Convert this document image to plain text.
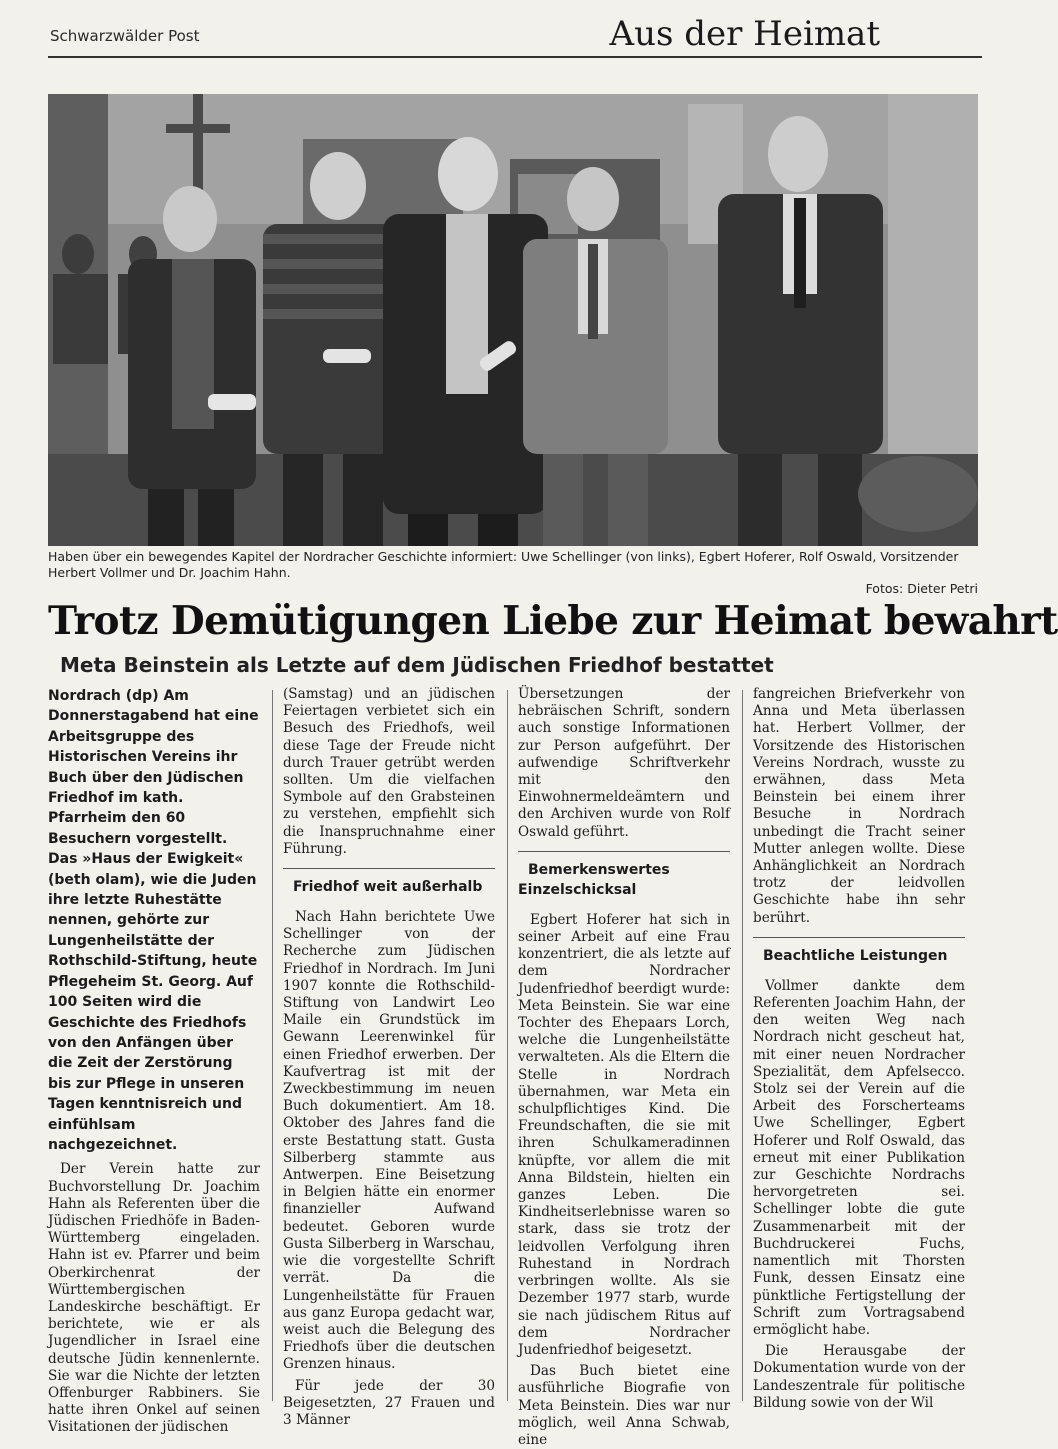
Schwarzwälder Post	Aus der Heimat
Haben über ein bewegendes Kapitel der Nordracher Geschichte informiert: Uwe Schellinger (von links), Egbert Hoferer, Rolf Oswald, Vorsitzender Herbert Vollmer und Dr. Joachim Hahn.
Fotos: Dieter Petri
Trotz Demütigungen Liebe zur Heimat bewahrt
Meta Beinstein als Letzte auf dem Jüdischen Friedhof bestattet

Nordrach (dp) Am Donnerstagabend hat eine Arbeitsgruppe des Historischen Vereins ihr Buch über den Jüdischen Friedhof im kath. Pfarrheim den 60 Besuchern vorgestellt. Das »Haus der Ewigkeit« (beth olam), wie die Juden ihre letzte Ruhestätte nennen, gehörte zur Lungenheilstätte der Rothschild-Stiftung, heute Pflegeheim St. Georg. Auf 100 Seiten wird die Geschichte des Friedhofs von den Anfängen über die Zeit der Zerstörung bis zur Pflege in unseren Tagen kenntnisreich und einfühlsam nachgezeichnet.

Der Verein hatte zur Buchvorstellung Dr. Joachim Hahn als Referenten über die Jüdischen Friedhöfe in Baden-Württemberg eingeladen. Hahn ist ev. Pfarrer und beim Oberkirchenrat der Württembergischen Landeskirche beschäftigt. Er berichtete, wie er als Jugendlicher in Israel eine deutsche Jüdin kennenlernte. Sie war die Nichte der letzten Offenburger Rabbiners. Sie hatte ihren Onkel auf seinen Visitationen der jüdischen

(Samstag) und an jüdischen Feiertagen verbietet sich ein Besuch des Friedhofs, weil diese Tage der Freude nicht durch Trauer getrübt werden sollten. Um die vielfachen Symbole auf den Grabsteinen zu verstehen, empfiehlt sich die Inanspruchnahme einer Führung.

Friedhof weit außerhalb

Nach Hahn berichtete Uwe Schellinger von der Recherche zum Jüdischen Friedhof in Nordrach. Im Juni 1907 konnte die Rothschild-Stiftung von Landwirt Leo Maile ein Grundstück im Gewann Leerenwinkel für einen Friedhof erwerben. Der Kaufvertrag ist mit der Zweckbestimmung im neuen Buch dokumentiert. Am 18. Oktober des Jahres fand die erste Bestattung statt. Gusta Silberberg stammte aus Antwerpen. Eine Beisetzung in Belgien hätte ein enormer finanzieller Aufwand bedeutet. Geboren wurde Gusta Silberberg in Warschau, wie die vorgestellte Schrift verrät. Da die Lungenheilstätte für Frauen aus ganz Europa gedacht war, weist auch die Belegung des Friedhofs über die deutschen Grenzen hinaus.

Für jede der 30 Beigesetzten, 27 Frauen und 3 Männer

Übersetzungen der hebräischen Schrift, sondern auch sonstige Informationen zur Person aufgeführt. Der aufwendige Schriftverkehr mit den Einwohnermeldeämtern und den Archiven wurde von Rolf Oswald geführt.

Bemerkenswertes Einzelschicksal

Egbert Hoferer hat sich in seiner Arbeit auf eine Frau konzentriert, die als letzte auf dem Nordracher Judenfriedhof beerdigt wurde: Meta Beinstein. Sie war eine Tochter des Ehepaars Lorch, welche die Lungenheilstätte verwalteten. Als die Eltern die Stelle in Nordrach übernahmen, war Meta ein schulpflichtiges Kind. Die Freundschaften, die sie mit ihren Schulkameradinnen knüpfte, vor allem die mit Anna Bildstein, hielten ein ganzes Leben. Die Kindheitserlebnisse waren so stark, dass sie trotz der leidvollen Verfolgung ihren Ruhestand in Nordrach verbringen wollte. Als sie Dezember 1977 starb, wurde sie nach jüdischem Ritus auf dem Nordracher Judenfriedhof beigesetzt.

Das Buch bietet eine ausführliche Biografie von Meta Beinstein. Dies war nur möglich, weil Anna Schwab, eine

fangreichen Briefverkehr von Anna und Meta überlassen hat. Herbert Vollmer, der Vorsitzende des Historischen Vereins Nordrach, wusste zu erwähnen, dass Meta Beinstein bei einem ihrer Besuche in Nordrach unbedingt die Tracht seiner Mutter anlegen wollte. Diese Anhänglichkeit an Nordrach trotz der leidvollen Geschichte habe ihn sehr berührt.

Beachtliche Leistungen

Vollmer dankte dem Referenten Joachim Hahn, der den weiten Weg nach Nordrach nicht gescheut hat, mit einer neuen Nordracher Spezialität, dem Apfelsecco. Stolz sei der Verein auf die Arbeit des Forscherteams Uwe Schellinger, Egbert Hoferer und Rolf Oswald, das erneut mit einer Publikation zur Geschichte Nordrachs hervorgetreten sei. Schellinger lobte die gute Zusammenarbeit mit der Buchdruckerei Fuchs, namentlich mit Thorsten Funk, dessen Einsatz eine pünktliche Fertigstellung der Schrift zum Vortragsabend ermöglicht habe.

Die Herausgabe der Dokumentation wurde von der Landeszentrale für politische Bildung sowie von der Wil
